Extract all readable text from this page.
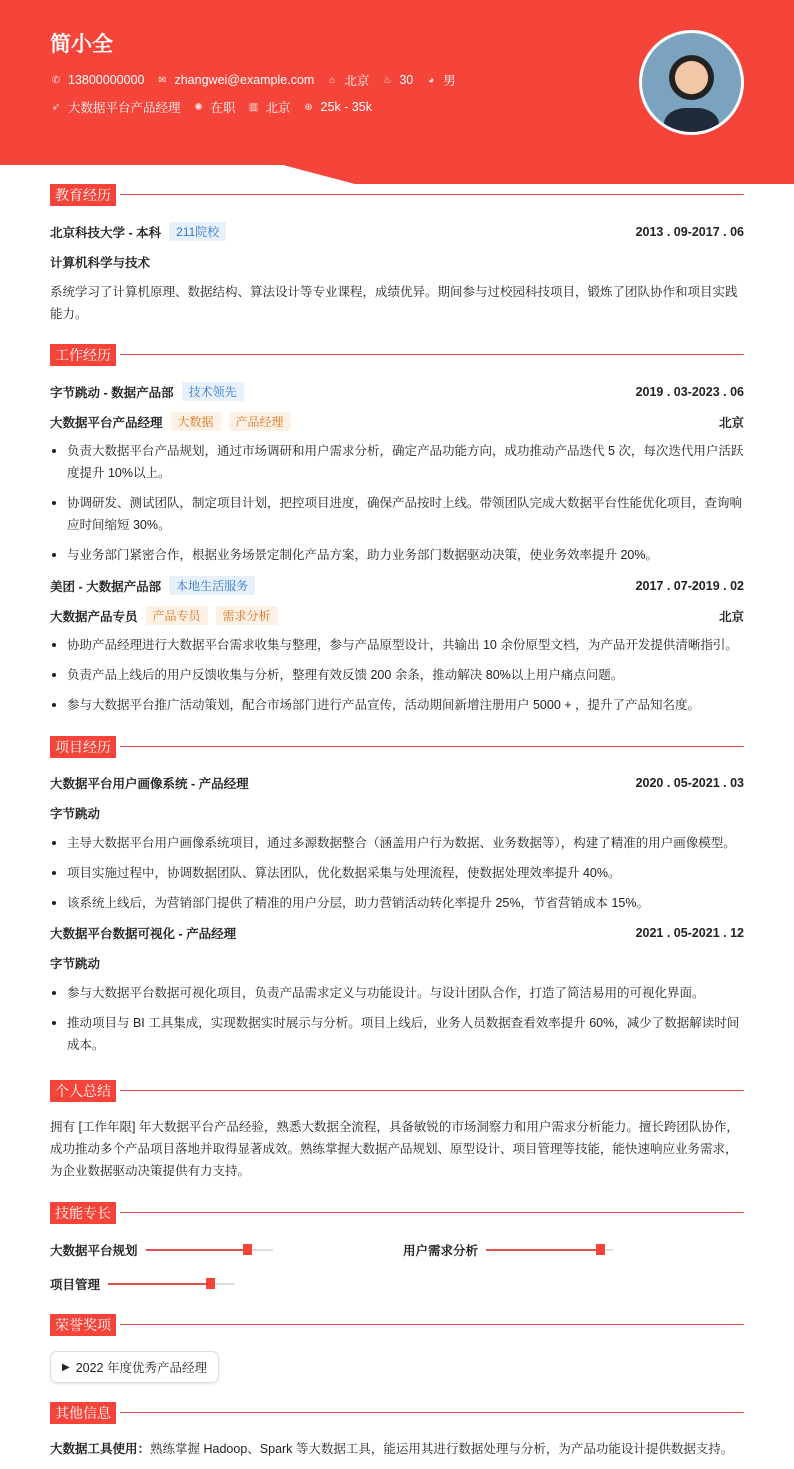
简小全
✆ 13800000000 ✉ zhangwei@example.com ⌂ 北京 ♨ 30 ◕ 男
➶ 大数据平台产品经理 ✺ 在职 ▥ 北京 ⊕ 25k - 35k
教育经历
北京科技大学 - 本科	211院校	2013 . 09-2017 . 06
计算机科学与技术
系统学习了计算机原理、数据结构、算法设计等专业课程，成绩优异。期间参与过校园科技项目，锻炼了团队协作和项目实践能力。
工作经历
字节跳动 - 数据产品部	技术领先	2019 . 03-2023 . 06
大数据平台产品经理	大数据	产品经理	北京
负责大数据平台产品规划，通过市场调研和用户需求分析，确定产品功能方向，成功推动产品迭代 5 次，每次迭代用户活跃度提升 10%以上。
协调研发、测试团队，制定项目计划，把控项目进度，确保产品按时上线。带领团队完成大数据平台性能优化项目，查询响应时间缩短 30%。
与业务部门紧密合作，根据业务场景定制化产品方案，助力业务部门数据驱动决策，使业务效率提升 20%。
美团 - 大数据产品部	本地生活服务	2017 . 07-2019 . 02
大数据产品专员	产品专员	需求分析	北京
协助产品经理进行大数据平台需求收集与整理，参与产品原型设计，共输出 10 余份原型文档，为产品开发提供清晰指引。
负责产品上线后的用户反馈收集与分析，整理有效反馈 200 余条，推动解决 80%以上用户痛点问题。
参与大数据平台推广活动策划，配合市场部门进行产品宣传，活动期间新增注册用户 5000 + ，提升了产品知名度。
项目经历
大数据平台用户画像系统 - 产品经理	2020 . 05-2021 . 03
字节跳动
主导大数据平台用户画像系统项目，通过多源数据整合（涵盖用户行为数据、业务数据等），构建了精准的用户画像模型。
项目实施过程中，协调数据团队、算法团队，优化数据采集与处理流程，使数据处理效率提升 40%。
该系统上线后，为营销部门提供了精准的用户分层，助力营销活动转化率提升 25%，节省营销成本 15%。
大数据平台数据可视化 - 产品经理	2021 . 05-2021 . 12
字节跳动
参与大数据平台数据可视化项目，负责产品需求定义与功能设计。与设计团队合作，打造了简洁易用的可视化界面。
推动项目与 BI 工具集成，实现数据实时展示与分析。项目上线后，业务人员数据查看效率提升 60%，减少了数据解读时间成本。
个人总结
拥有 [工作年限] 年大数据平台产品经验，熟悉大数据全流程，具备敏锐的市场洞察力和用户需求分析能力。擅长跨团队协作，成功推动多个产品项目落地并取得显著成效。熟练掌握大数据产品规划、原型设计、项目管理等技能，能快速响应业务需求，为企业数据驱动决策提供有力支持。
技能专长
大数据平台规划	用户需求分析
项目管理
荣誉奖项
▶ 2022 年度优秀产品经理
其他信息
大数据工具使用：熟练掌握 Hadoop、Spark 等大数据工具，能运用其进行数据处理与分析，为产品功能设计提供数据支持。
